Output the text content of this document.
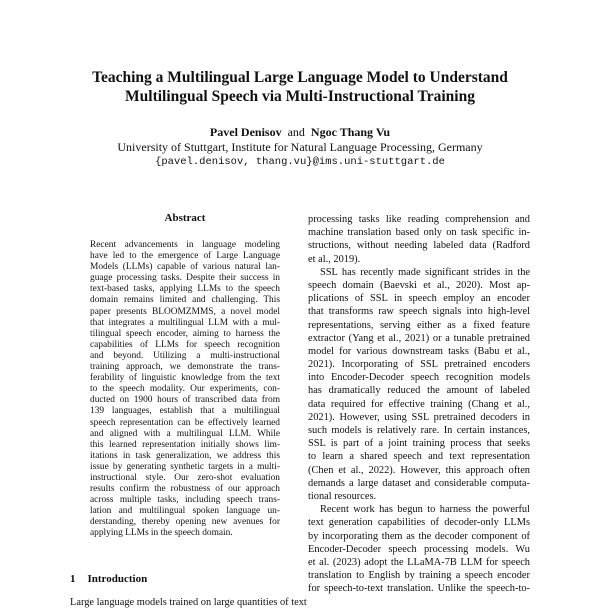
Teaching a Multilingual Large Language Model to Understand
Multilingual Speech via Multi-Instructional Training
Pavel Denisov and Ngoc Thang Vu
University of Stuttgart, Institute for Natural Language Processing, Germany
{pavel.denisov, thang.vu}@ims.uni-stuttgart.de
Abstract
Recent advancements in language modeling
have led to the emergence of Large Language
Models (LLMs) capable of various natural lan-
guage processing tasks. Despite their success in
text-based tasks, applying LLMs to the speech
domain remains limited and challenging. This
paper presents BLOOMZMMS, a novel model
that integrates a multilingual LLM with a mul-
tilingual speech encoder, aiming to harness the
capabilities of LLMs for speech recognition
and beyond. Utilizing a multi-instructional
training approach, we demonstrate the trans-
ferability of linguistic knowledge from the text
to the speech modality. Our experiments, con-
ducted on 1900 hours of transcribed data from
139 languages, establish that a multilingual
speech representation can be effectively learned
and aligned with a multilingual LLM. While
this learned representation initially shows lim-
itations in task generalization, we address this
issue by generating synthetic targets in a multi-
instructional style. Our zero-shot evaluation
results confirm the robustness of our approach
across multiple tasks, including speech trans-
lation and multilingual spoken language un-
derstanding, thereby opening new avenues for
applying LLMs in the speech domain.
processing tasks like reading comprehension and
machine translation based only on task specific in-
structions, without needing labeled data (Radford
et al., 2019).
SSL has recently made significant strides in the
speech domain (Baevski et al., 2020). Most ap-
plications of SSL in speech employ an encoder
that transforms raw speech signals into high-level
representations, serving either as a fixed feature
extractor (Yang et al., 2021) or a tunable pretrained
model for various downstream tasks (Babu et al.,
2021). Incorporating of SSL pretrained encoders
into Encoder-Decoder speech recognition models
has dramatically reduced the amount of labeled
data required for effective training (Chang et al.,
2021). However, using SSL pretrained decoders in
such models is relatively rare. In certain instances,
SSL is part of a joint training process that seeks
to learn a shared speech and text representation
(Chen et al., 2022). However, this approach often
demands a large dataset and considerable computa-
tional resources.
Recent work has begun to harness the powerful
text generation capabilities of decoder-only LLMs
by incorporating them as the decoder component of
Encoder-Decoder speech processing models. Wu
et al. (2023) adopt the LLaMA-7B LLM for speech
translation to English by training a speech encoder
for speech-to-text translation. Unlike the speech-to-
1 Introduction
Large language models trained on large quantities of text
